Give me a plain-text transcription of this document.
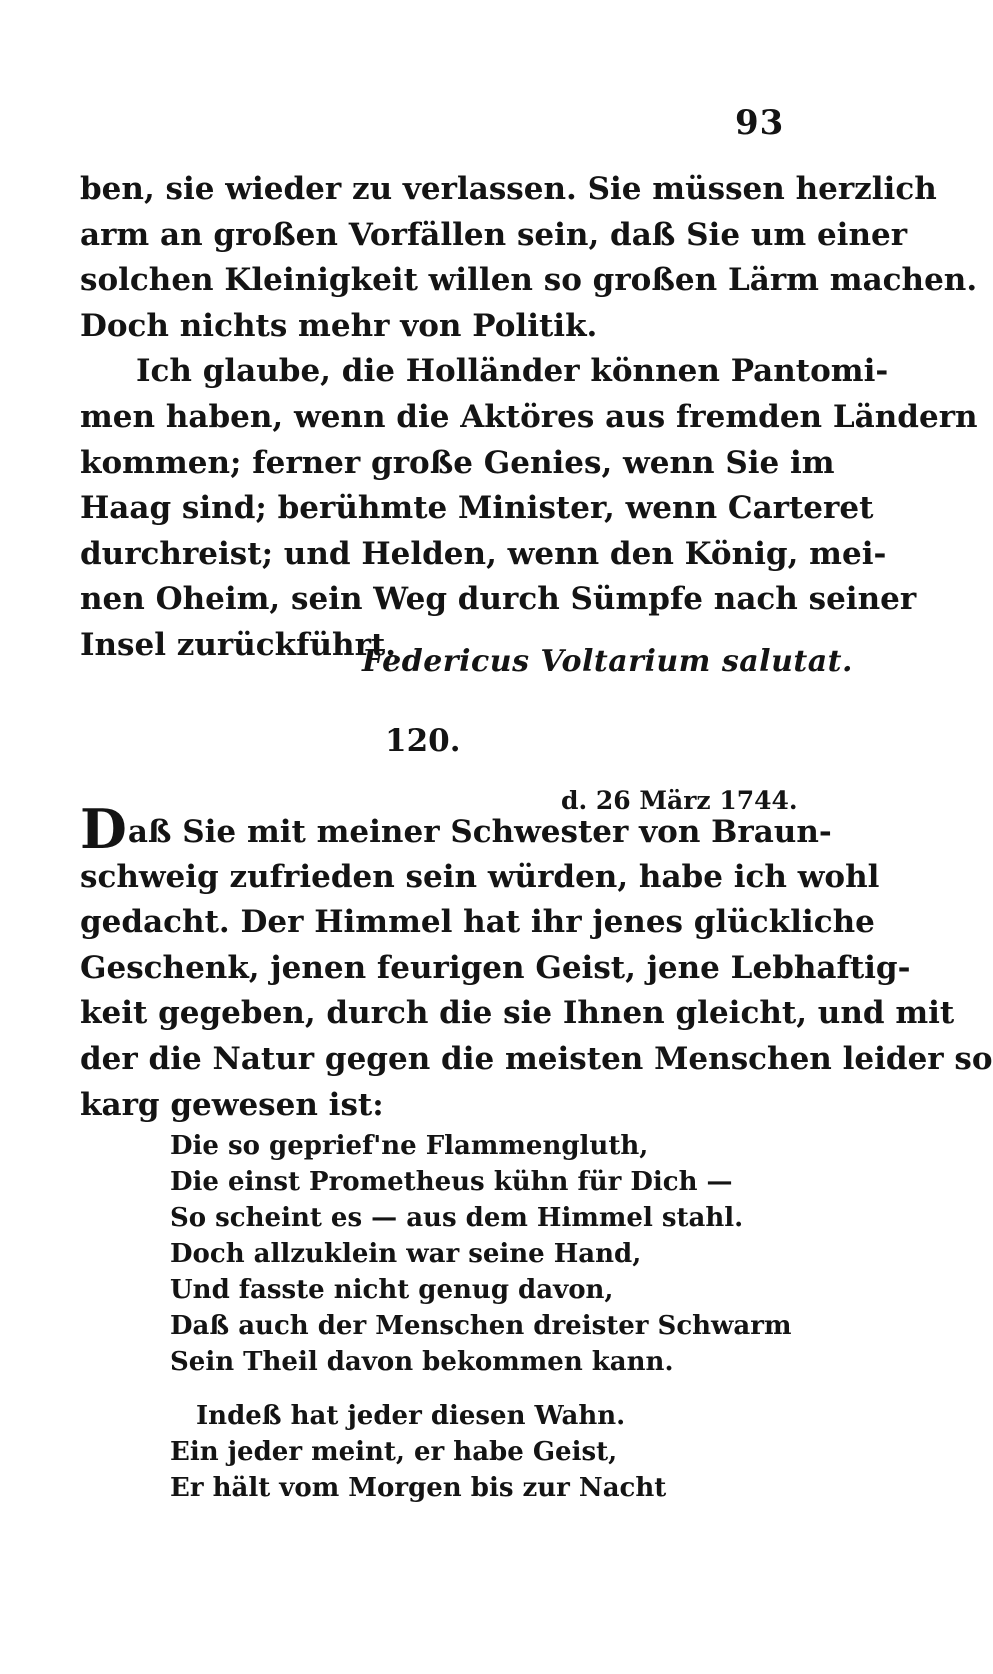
93
ben, sie wieder zu verlassen. Sie müssen herzlich
arm an großen Vorfällen sein, daß Sie um einer
solchen Kleinigkeit willen so großen Lärm machen.
Doch nichts mehr von Politik.
Ich glaube, die Holländer können Pantomi-
men haben, wenn die Aktöres aus fremden Ländern
kommen; ferner große Genies, wenn Sie im
Haag sind; berühmte Minister, wenn Carteret
durchreist; und Helden, wenn den König, mei-
nen Oheim, sein Weg durch Sümpfe nach seiner
Insel zurückführt.
Federicus Voltarium salutat.
120.
d. 26 März 1744.
Daß Sie mit meiner Schwester von Braun-
schweig zufrieden sein würden, habe ich wohl
gedacht. Der Himmel hat ihr jenes glückliche
Geschenk, jenen feurigen Geist, jene Lebhaftig-
keit gegeben, durch die sie Ihnen gleicht, und mit
der die Natur gegen die meisten Menschen leider so
karg gewesen ist:
Die so geprief'ne Flammengluth,
Die einst Prometheus kühn für Dich —
So scheint es — aus dem Himmel stahl.
Doch allzuklein war seine Hand,
Und fasste nicht genug davon,
Daß auch der Menschen dreister Schwarm
Sein Theil davon bekommen kann.
Indeß hat jeder diesen Wahn.
Ein jeder meint, er habe Geist,
Er hält vom Morgen bis zur Nacht
